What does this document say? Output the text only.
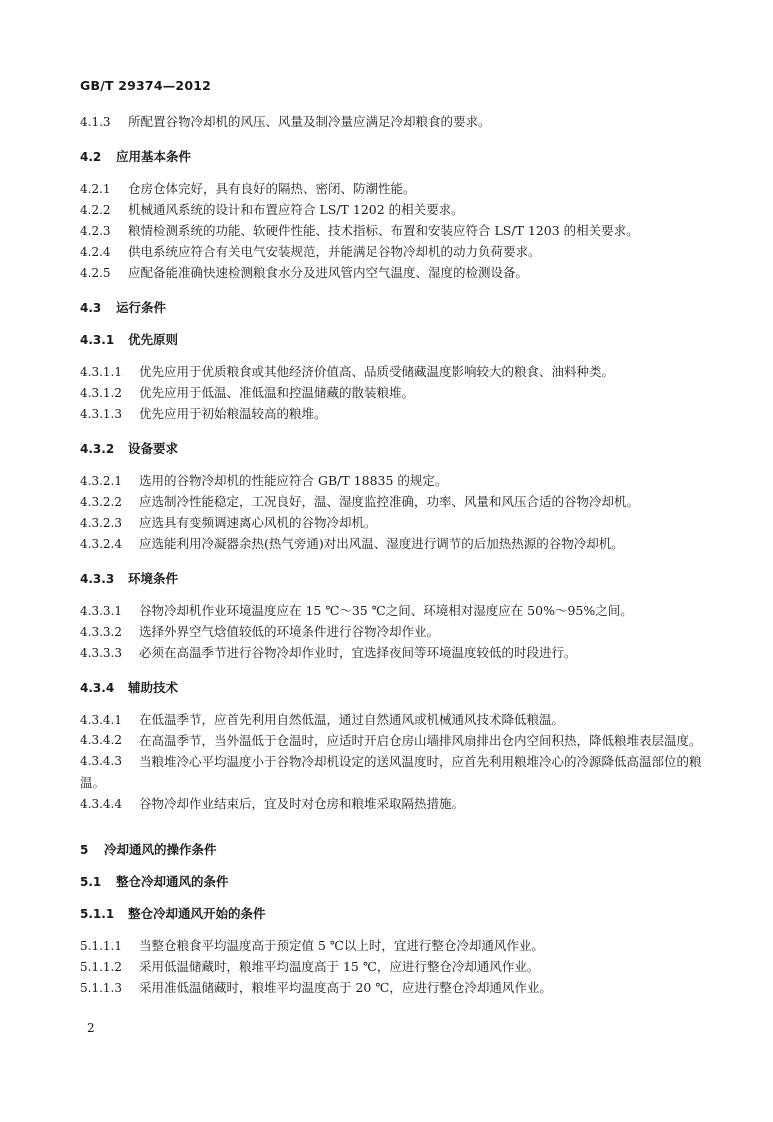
GB/T 29374—2012
4.1.3 所配置谷物冷却机的风压、风量及制冷量应满足冷却粮食的要求。
4.2 应用基本条件
4.2.1 仓房仓体完好，具有良好的隔热、密闭、防潮性能。
4.2.2 机械通风系统的设计和布置应符合 LS/T 1202 的相关要求。
4.2.3 粮情检测系统的功能、软硬件性能、技术指标、布置和安装应符合 LS/T 1203 的相关要求。
4.2.4 供电系统应符合有关电气安装规范，并能满足谷物冷却机的动力负荷要求。
4.2.5 应配备能准确快速检测粮食水分及进风管内空气温度、湿度的检测设备。
4.3 运行条件
4.3.1 优先原则
4.3.1.1 优先应用于优质粮食或其他经济价值高、品质受储藏温度影响较大的粮食、油料种类。
4.3.1.2 优先应用于低温、准低温和控温储藏的散装粮堆。
4.3.1.3 优先应用于初始粮温较高的粮堆。
4.3.2 设备要求
4.3.2.1 选用的谷物冷却机的性能应符合 GB/T 18835 的规定。
4.3.2.2 应选制冷性能稳定，工况良好，温、湿度监控准确，功率、风量和风压合适的谷物冷却机。
4.3.2.3 应选具有变频调速离心风机的谷物冷却机。
4.3.2.4 应选能利用冷凝器余热(热气旁通)对出风温、湿度进行调节的后加热热源的谷物冷却机。
4.3.3 环境条件
4.3.3.1 谷物冷却机作业环境温度应在 15 ℃～35 ℃之间、环境相对湿度应在 50%～95%之间。
4.3.3.2 选择外界空气焓值较低的环境条件进行谷物冷却作业。
4.3.3.3 必须在高温季节进行谷物冷却作业时，宜选择夜间等环境温度较低的时段进行。
4.3.4 辅助技术
4.3.4.1 在低温季节，应首先利用自然低温，通过自然通风或机械通风技术降低粮温。
4.3.4.2	在高温季节，当外温低于仓温时，应适时开启仓房山墙排风扇排出仓内空间积热，降低粮堆表层温度。
4.3.4.3	当粮堆冷心平均温度小于谷物冷却机设定的送风温度时，应首先利用粮堆冷心的冷源降低高温部位的粮温。
4.3.4.4 谷物冷却作业结束后，宜及时对仓房和粮堆采取隔热措施。
5 冷却通风的操作条件
5.1 整仓冷却通风的条件
5.1.1 整仓冷却通风开始的条件
5.1.1.1 当整仓粮食平均温度高于预定值 5 ℃以上时，宜进行整仓冷却通风作业。
5.1.1.2 采用低温储藏时，粮堆平均温度高于 15 ℃，应进行整仓冷却通风作业。
5.1.1.3 采用准低温储藏时，粮堆平均温度高于 20 ℃，应进行整仓冷却通风作业。
2
